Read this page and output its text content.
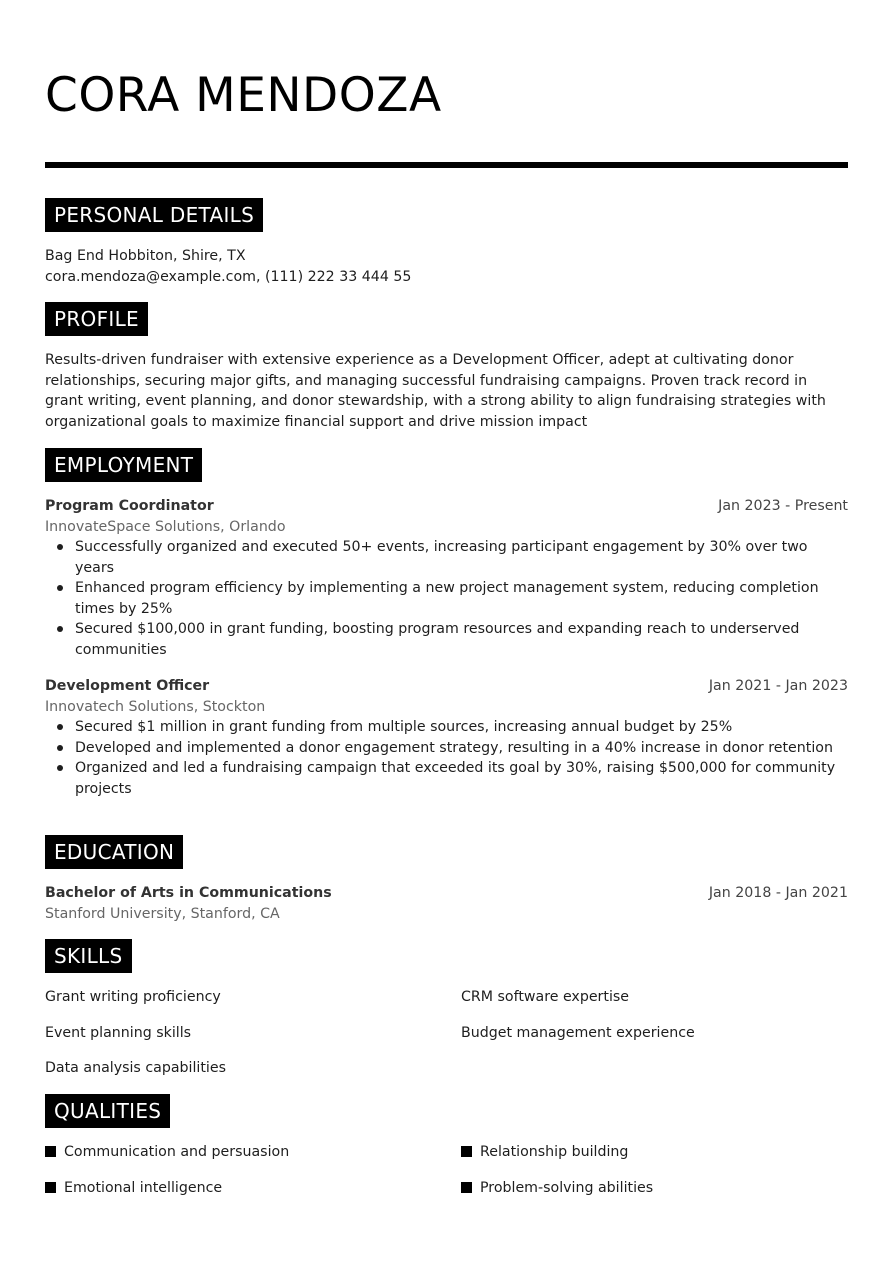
CORA MENDOZA
PERSONAL DETAILS
Bag End Hobbiton, Shire, TX
cora.mendoza@example.com, (111) 222 33 444 55
PROFILE
Results-driven fundraiser with extensive experience as a Development Officer, adept at cultivating donor relationships, securing major gifts, and managing successful fundraising campaigns. Proven track record in grant writing, event planning, and donor stewardship, with a strong ability to align fundraising strategies with organizational goals to maximize financial support and drive mission impact
EMPLOYMENT
Program Coordinator	Jan 2023 - Present
InnovateSpace Solutions, Orlando
Successfully organized and executed 50+ events, increasing participant engagement by 30% over two years
Enhanced program efficiency by implementing a new project management system, reducing completion times by 25%
Secured $100,000 in grant funding, boosting program resources and expanding reach to underserved communities
Development Officer	Jan 2021 - Jan 2023
Innovatech Solutions, Stockton
Secured $1 million in grant funding from multiple sources, increasing annual budget by 25%
Developed and implemented a donor engagement strategy, resulting in a 40% increase in donor retention
Organized and led a fundraising campaign that exceeded its goal by 30%, raising $500,000 for community projects
EDUCATION
Bachelor of Arts in Communications	Jan 2018 - Jan 2021
Stanford University, Stanford, CA
SKILLS
Grant writing proficiency	CRM software expertise
Event planning skills	Budget management experience
Data analysis capabilities
QUALITIES
Communication and persuasion	Relationship building
Emotional intelligence	Problem-solving abilities
